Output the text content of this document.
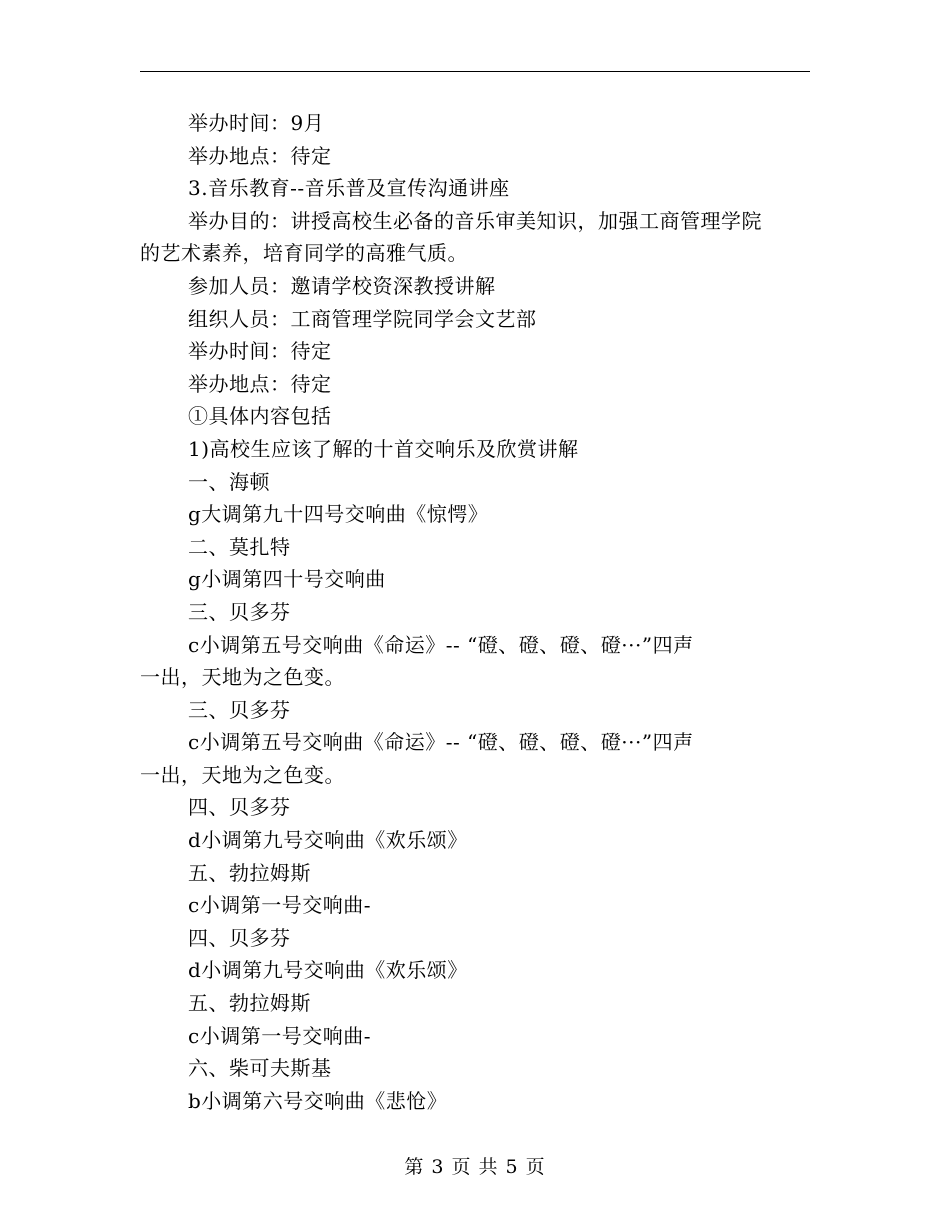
举办时间：9月
举办地点：待定
3.音乐教育--音乐普及宣传沟通讲座
举办目的：讲授高校生必备的音乐审美知识，加强工商管理学院
的艺术素养，培育同学的高雅气质。
参加人员：邀请学校资深教授讲解
组织人员：工商管理学院同学会文艺部
举办时间：待定
举办地点：待定
①具体内容包括
1)高校生应该了解的十首交响乐及欣赏讲解
一、海顿
g大调第九十四号交响曲《惊愕》
二、莫扎特
g小调第四十号交响曲
三、贝多芬
c小调第五号交响曲《命运》-- “磴、磴、磴、磴···”四声
一出，天地为之色变。
三、贝多芬
c小调第五号交响曲《命运》-- “磴、磴、磴、磴···”四声
一出，天地为之色变。
四、贝多芬
d小调第九号交响曲《欢乐颂》
五、勃拉姆斯
c小调第一号交响曲-
四、贝多芬
d小调第九号交响曲《欢乐颂》
五、勃拉姆斯
c小调第一号交响曲-
六、柴可夫斯基
b小调第六号交响曲《悲怆》
第 3 页 共 5 页
